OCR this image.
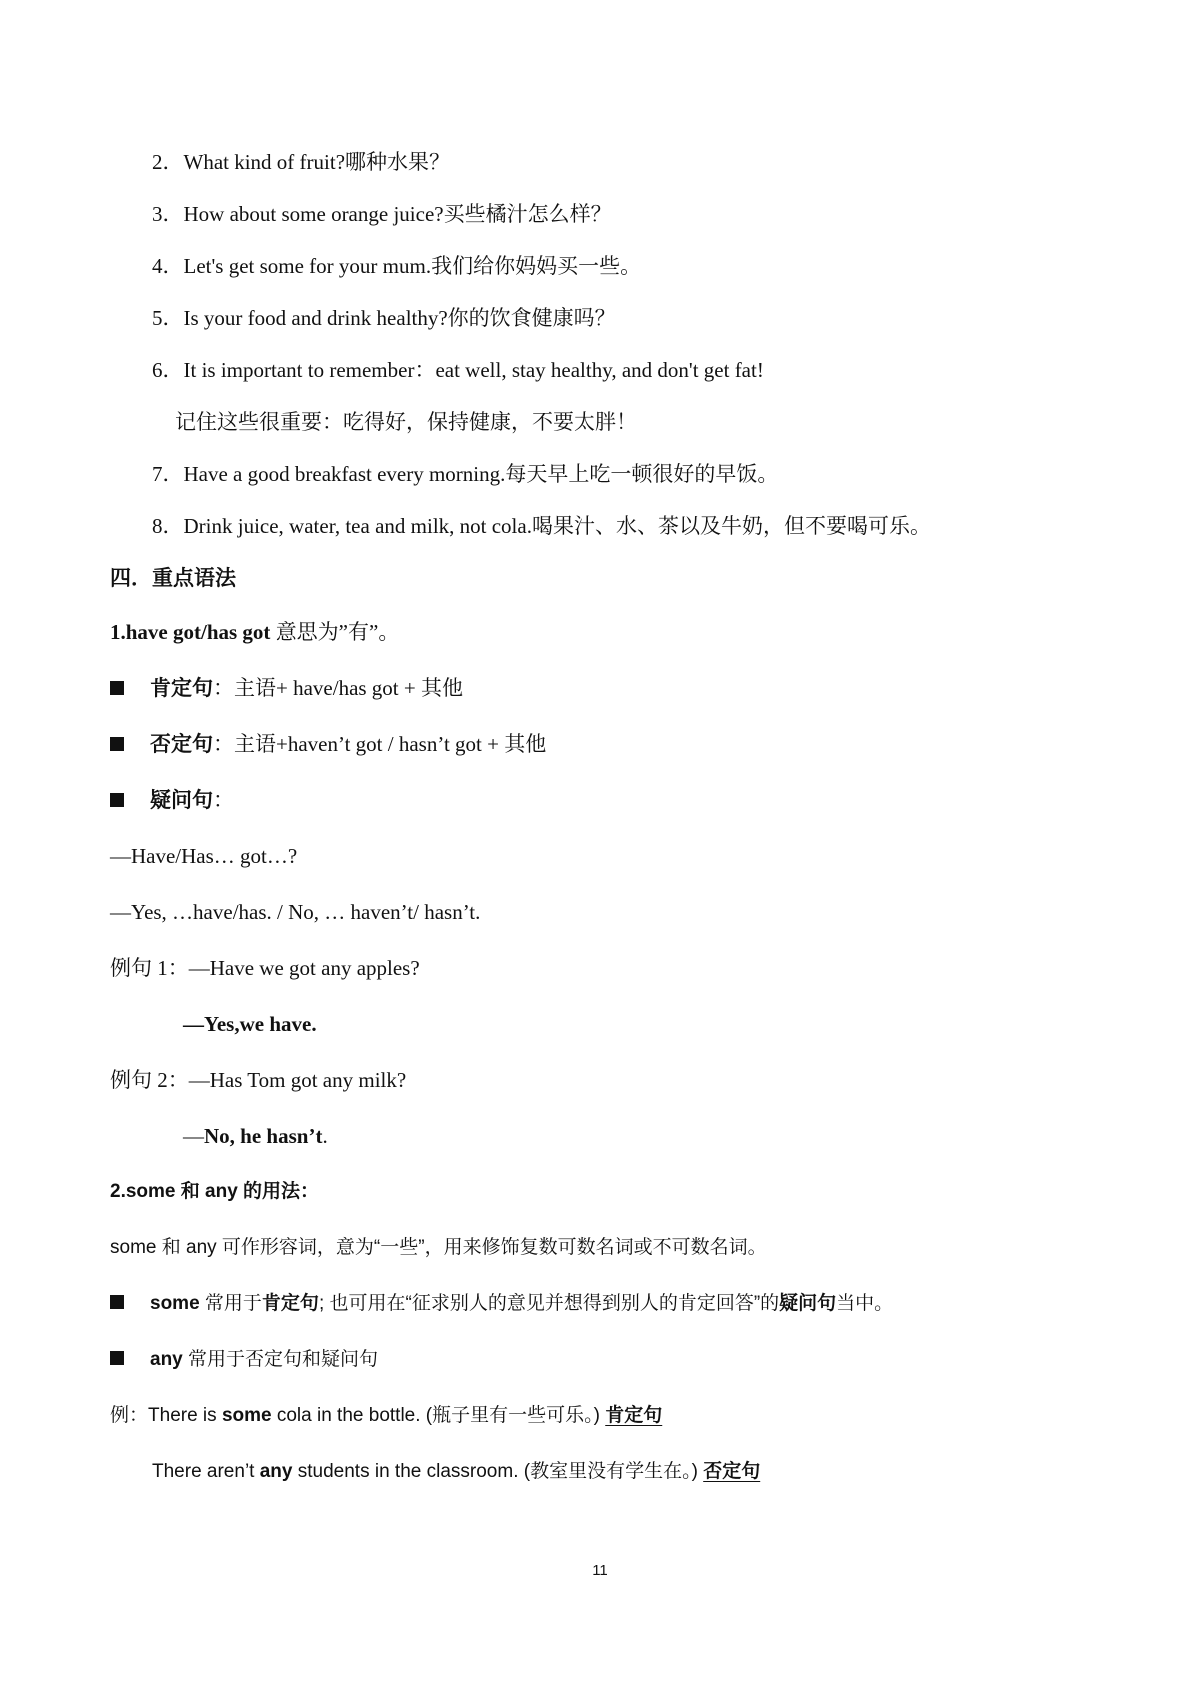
2．What kind of fruit?哪种水果？
3．How about some orange juice?买些橘汁怎么样？
4．Let's get some for your mum.我们给你妈妈买一些。
5．Is your food and drink healthy?你的饮食健康吗？
6．It is important to remember：eat well, stay healthy, and don't get fat!
记住这些很重要：吃得好，保持健康，不要太胖！
7．Have a good breakfast every morning.每天早上吃一顿很好的早饭。
8．Drink juice, water, tea and milk, not cola.喝果汁、水、茶以及牛奶，但不要喝可乐。
四．重点语法
1.have got/has got 意思为”有”。
肯定句：主语+ have/has got + 其他
否定句：主语+haven’t got / hasn’t got + 其他
疑问句：
—Have/Has… got…?
—Yes, …have/has. / No, … haven’t/ hasn’t.
例句 1：—Have we got any apples?
—Yes,we have.
例句 2：—Has Tom got any milk?
—No, he hasn’t.
2.some 和 any 的用法：
some 和 any 可作形容词，意为“一些”，用来修饰复数可数名词或不可数名词。
some 常用于肯定句; 也可用在“征求别人的意见并想得到别人的肯定回答”的疑问句当中。
any 常用于否定句和疑问句
例：There is some cola in the bottle. (瓶子里有一些可乐。) 肯定句
There aren’t any students in the classroom. (教室里没有学生在。) 否定句
11
